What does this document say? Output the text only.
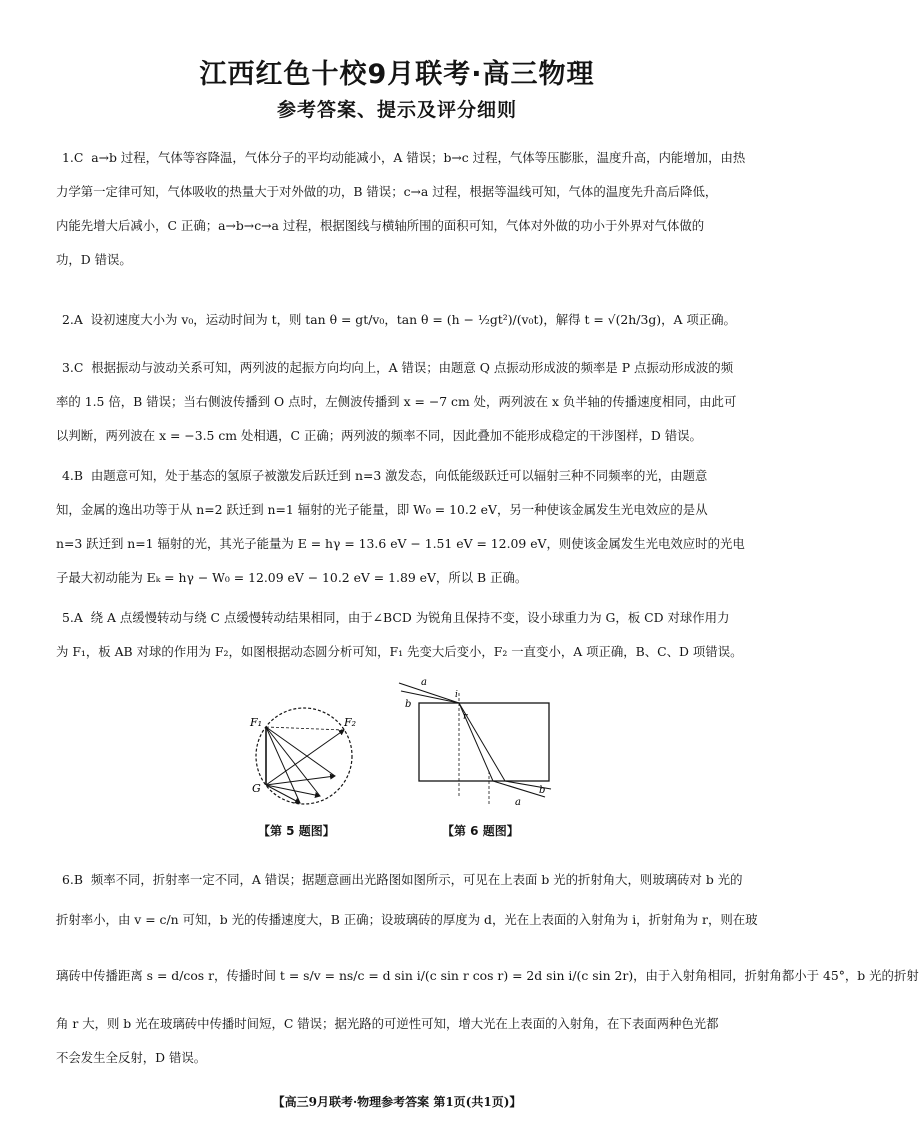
江西红色十校9月联考·高三物理
参考答案、提示及评分细则
1.C a→b 过程，气体等容降温，气体分子的平均动能减小，A 错误；b→c 过程，气体等压膨胀，温度升高，内能增加，由热
力学第一定律可知，气体吸收的热量大于对外做的功，B 错误；c→a 过程，根据等温线可知，气体的温度先升高后降低，
内能先增大后减小，C 正确；a→b→c→a 过程，根据图线与横轴所围的面积可知，气体对外做的功小于外界对气体做的
功，D 错误。
2.A 设初速度大小为 v₀，运动时间为 t，则 tan θ = gt/v₀，tan θ = (h − ½gt²)/(v₀t)，解得 t = √(2h/3g)，A 项正确。
3.C 根据振动与波动关系可知，两列波的起振方向均向上，A 错误；由题意 Q 点振动形成波的频率是 P 点振动形成波的频
率的 1.5 倍，B 错误；当右侧波传播到 O 点时，左侧波传播到 x = −7 cm 处，两列波在 x 负半轴的传播速度相同，由此可
以判断，两列波在 x = −3.5 cm 处相遇，C 正确；两列波的频率不同，因此叠加不能形成稳定的干涉图样，D 错误。
4.B 由题意可知，处于基态的氢原子被激发后跃迁到 n=3 激发态，向低能级跃迁可以辐射三种不同频率的光，由题意
知，金属的逸出功等于从 n=2 跃迁到 n=1 辐射的光子能量，即 W₀ = 10.2 eV，另一种使该金属发生光电效应的是从
n=3 跃迁到 n=1 辐射的光，其光子能量为 E = hγ = 13.6 eV − 1.51 eV = 12.09 eV，则使该金属发生光电效应时的光电
子最大初动能为 Eₖ = hγ − W₀ = 12.09 eV − 10.2 eV = 1.89 eV，所以 B 正确。
5.A 绕 A 点缓慢转动与绕 C 点缓慢转动结果相同，由于∠BCD 为锐角且保持不变，设小球重力为 G，板 CD 对球作用力
为 F₁，板 AB 对球的作用为 F₂，如图根据动态圆分析可知，F₁ 先变大后变小，F₂ 一直变小，A 项正确，B、C、D 项错误。
F₁	F₂
G
【第 5 题图】
a
b
i
r
a
b
【第 6 题图】
6.B 频率不同，折射率一定不同，A 错误；据题意画出光路图如图所示，可见在上表面 b 光的折射角大，则玻璃砖对 b 光的
折射率小，由 v = c/n 可知，b 光的传播速度大，B 正确；设玻璃砖的厚度为 d，光在上表面的入射角为 i，折射角为 r，则在玻
璃砖中传播距离 s = d/cos r，传播时间 t = s/v = ns/c = d sin i/(c sin r cos r) = 2d sin i/(c sin 2r)，由于入射角相同，折射角都小于 45°，b 光的折射
角 r 大，则 b 光在玻璃砖中传播时间短，C 错误；据光路的可逆性可知，增大光在上表面的入射角，在下表面两种色光都
不会发生全反射，D 错误。
【高三9月联考·物理参考答案 第1页(共1页)】
